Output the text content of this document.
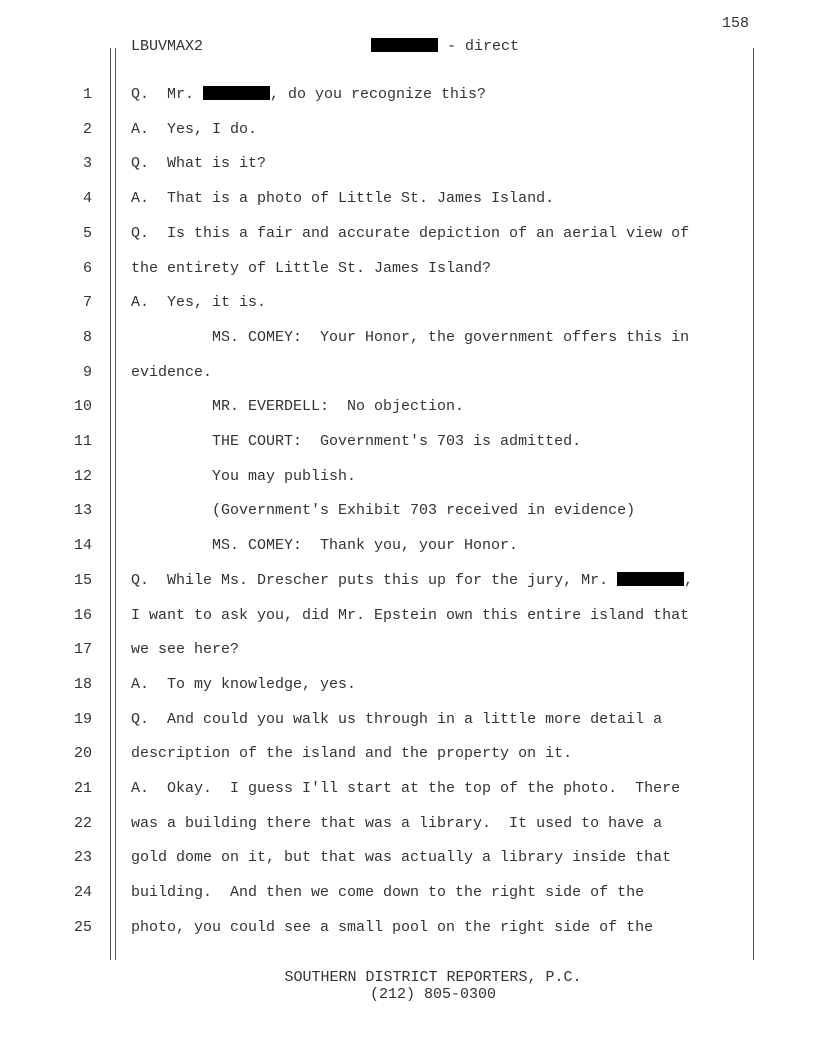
158
LBUVMAX2	- direct
1	Q.  Mr.	, do you recognize this?
2	A.  Yes, I do.
3	Q.  What is it?
4	A.  That is a photo of Little St. James Island.
5	Q.  Is this a fair and accurate depiction of an aerial view of
6	the entirety of Little St. James Island?
7	A.  Yes, it is.
8	MS. COMEY:  Your Honor, the government offers this in
9	evidence.
10	MR. EVERDELL:  No objection.
11	THE COURT:  Government's 703 is admitted.
12	You may publish.
13	(Government's Exhibit 703 received in evidence)
14	MS. COMEY:  Thank you, your Honor.
15	Q.  While Ms. Drescher puts this up for the jury, Mr.	,
16	I want to ask you, did Mr. Epstein own this entire island that
17	we see here?
18	A.  To my knowledge, yes.
19	Q.  And could you walk us through in a little more detail a
20	description of the island and the property on it.
21	A.  Okay.  I guess I'll start at the top of the photo.  There
22	was a building there that was a library.  It used to have a
23	gold dome on it, but that was actually a library inside that
24	building.  And then we come down to the right side of the
25	photo, you could see a small pool on the right side of the
SOUTHERN DISTRICT REPORTERS, P.C.
(212) 805-0300
